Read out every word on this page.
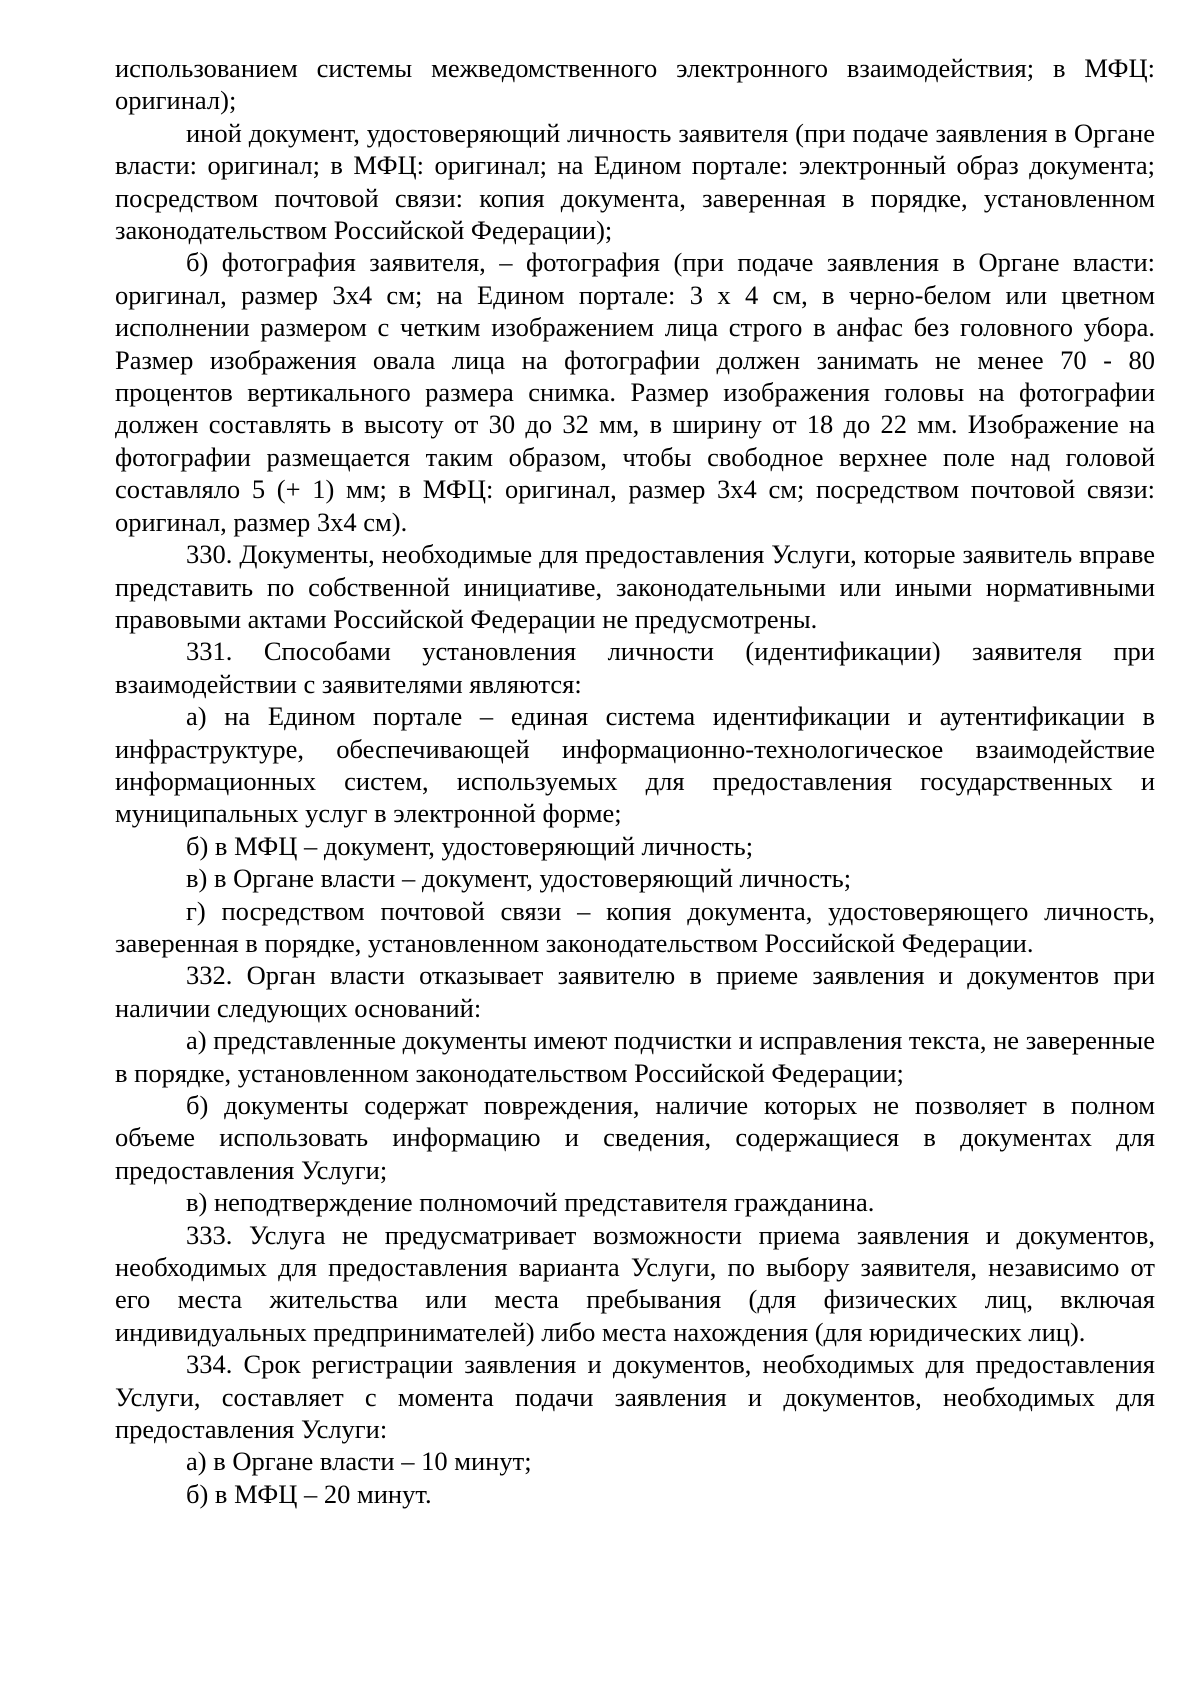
использованием системы межведомственного электронного взаимодействия; в МФЦ: оригинал);

иной документ, удостоверяющий личность заявителя (при подаче заявления в Органе власти: оригинал; в МФЦ: оригинал; на Едином портале: электронный образ документа; посредством почтовой связи: копия документа, заверенная в порядке, установленном законодательством Российской Федерации);

б) фотография заявителя, – фотография (при подаче заявления в Органе власти: оригинал, размер 3x4 см; на Едином портале: 3 x 4 см, в черно-белом или цветном исполнении размером с четким изображением лица строго в анфас без головного убора. Размер изображения овала лица на фотографии должен занимать не менее 70 - 80 процентов вертикального размера снимка. Размер изображения головы на фотографии должен составлять в высоту от 30 до 32 мм, в ширину от 18 до 22 мм. Изображение на фотографии размещается таким образом, чтобы свободное верхнее поле над головой составляло 5 (+ 1) мм; в МФЦ: оригинал, размер 3x4 см; посредством почтовой связи: оригинал, размер 3x4 см).

330. Документы, необходимые для предоставления Услуги, которые заявитель вправе представить по собственной инициативе, законодательными или иными нормативными правовыми актами Российской Федерации не предусмотрены.

331. Способами установления личности (идентификации) заявителя при взаимодействии с заявителями являются:

а) на Едином портале – единая система идентификации и аутентификации в инфраструктуре, обеспечивающей информационно-технологическое взаимодействие информационных систем, используемых для предоставления государственных и муниципальных услуг в электронной форме;

б) в МФЦ – документ, удостоверяющий личность;

в) в Органе власти – документ, удостоверяющий личность;

г) посредством почтовой связи – копия документа, удостоверяющего личность, заверенная в порядке, установленном законодательством Российской Федерации.

332. Орган власти отказывает заявителю в приеме заявления и документов при наличии следующих оснований:

а) представленные документы имеют подчистки и исправления текста, не заверенные в порядке, установленном законодательством Российской Федерации;

б) документы содержат повреждения, наличие которых не позволяет в полном объеме использовать информацию и сведения, содержащиеся в документах для предоставления Услуги;

в) неподтверждение полномочий представителя гражданина.

333. Услуга не предусматривает возможности приема заявления и документов, необходимых для предоставления варианта Услуги, по выбору заявителя, независимо от его места жительства или места пребывания (для физических лиц, включая индивидуальных предпринимателей) либо места нахождения (для юридических лиц).

334. Срок регистрации заявления и документов, необходимых для предоставления Услуги, составляет с момента подачи заявления и документов, необходимых для предоставления Услуги:

а) в Органе власти – 10 минут;

б) в МФЦ – 20 минут.
